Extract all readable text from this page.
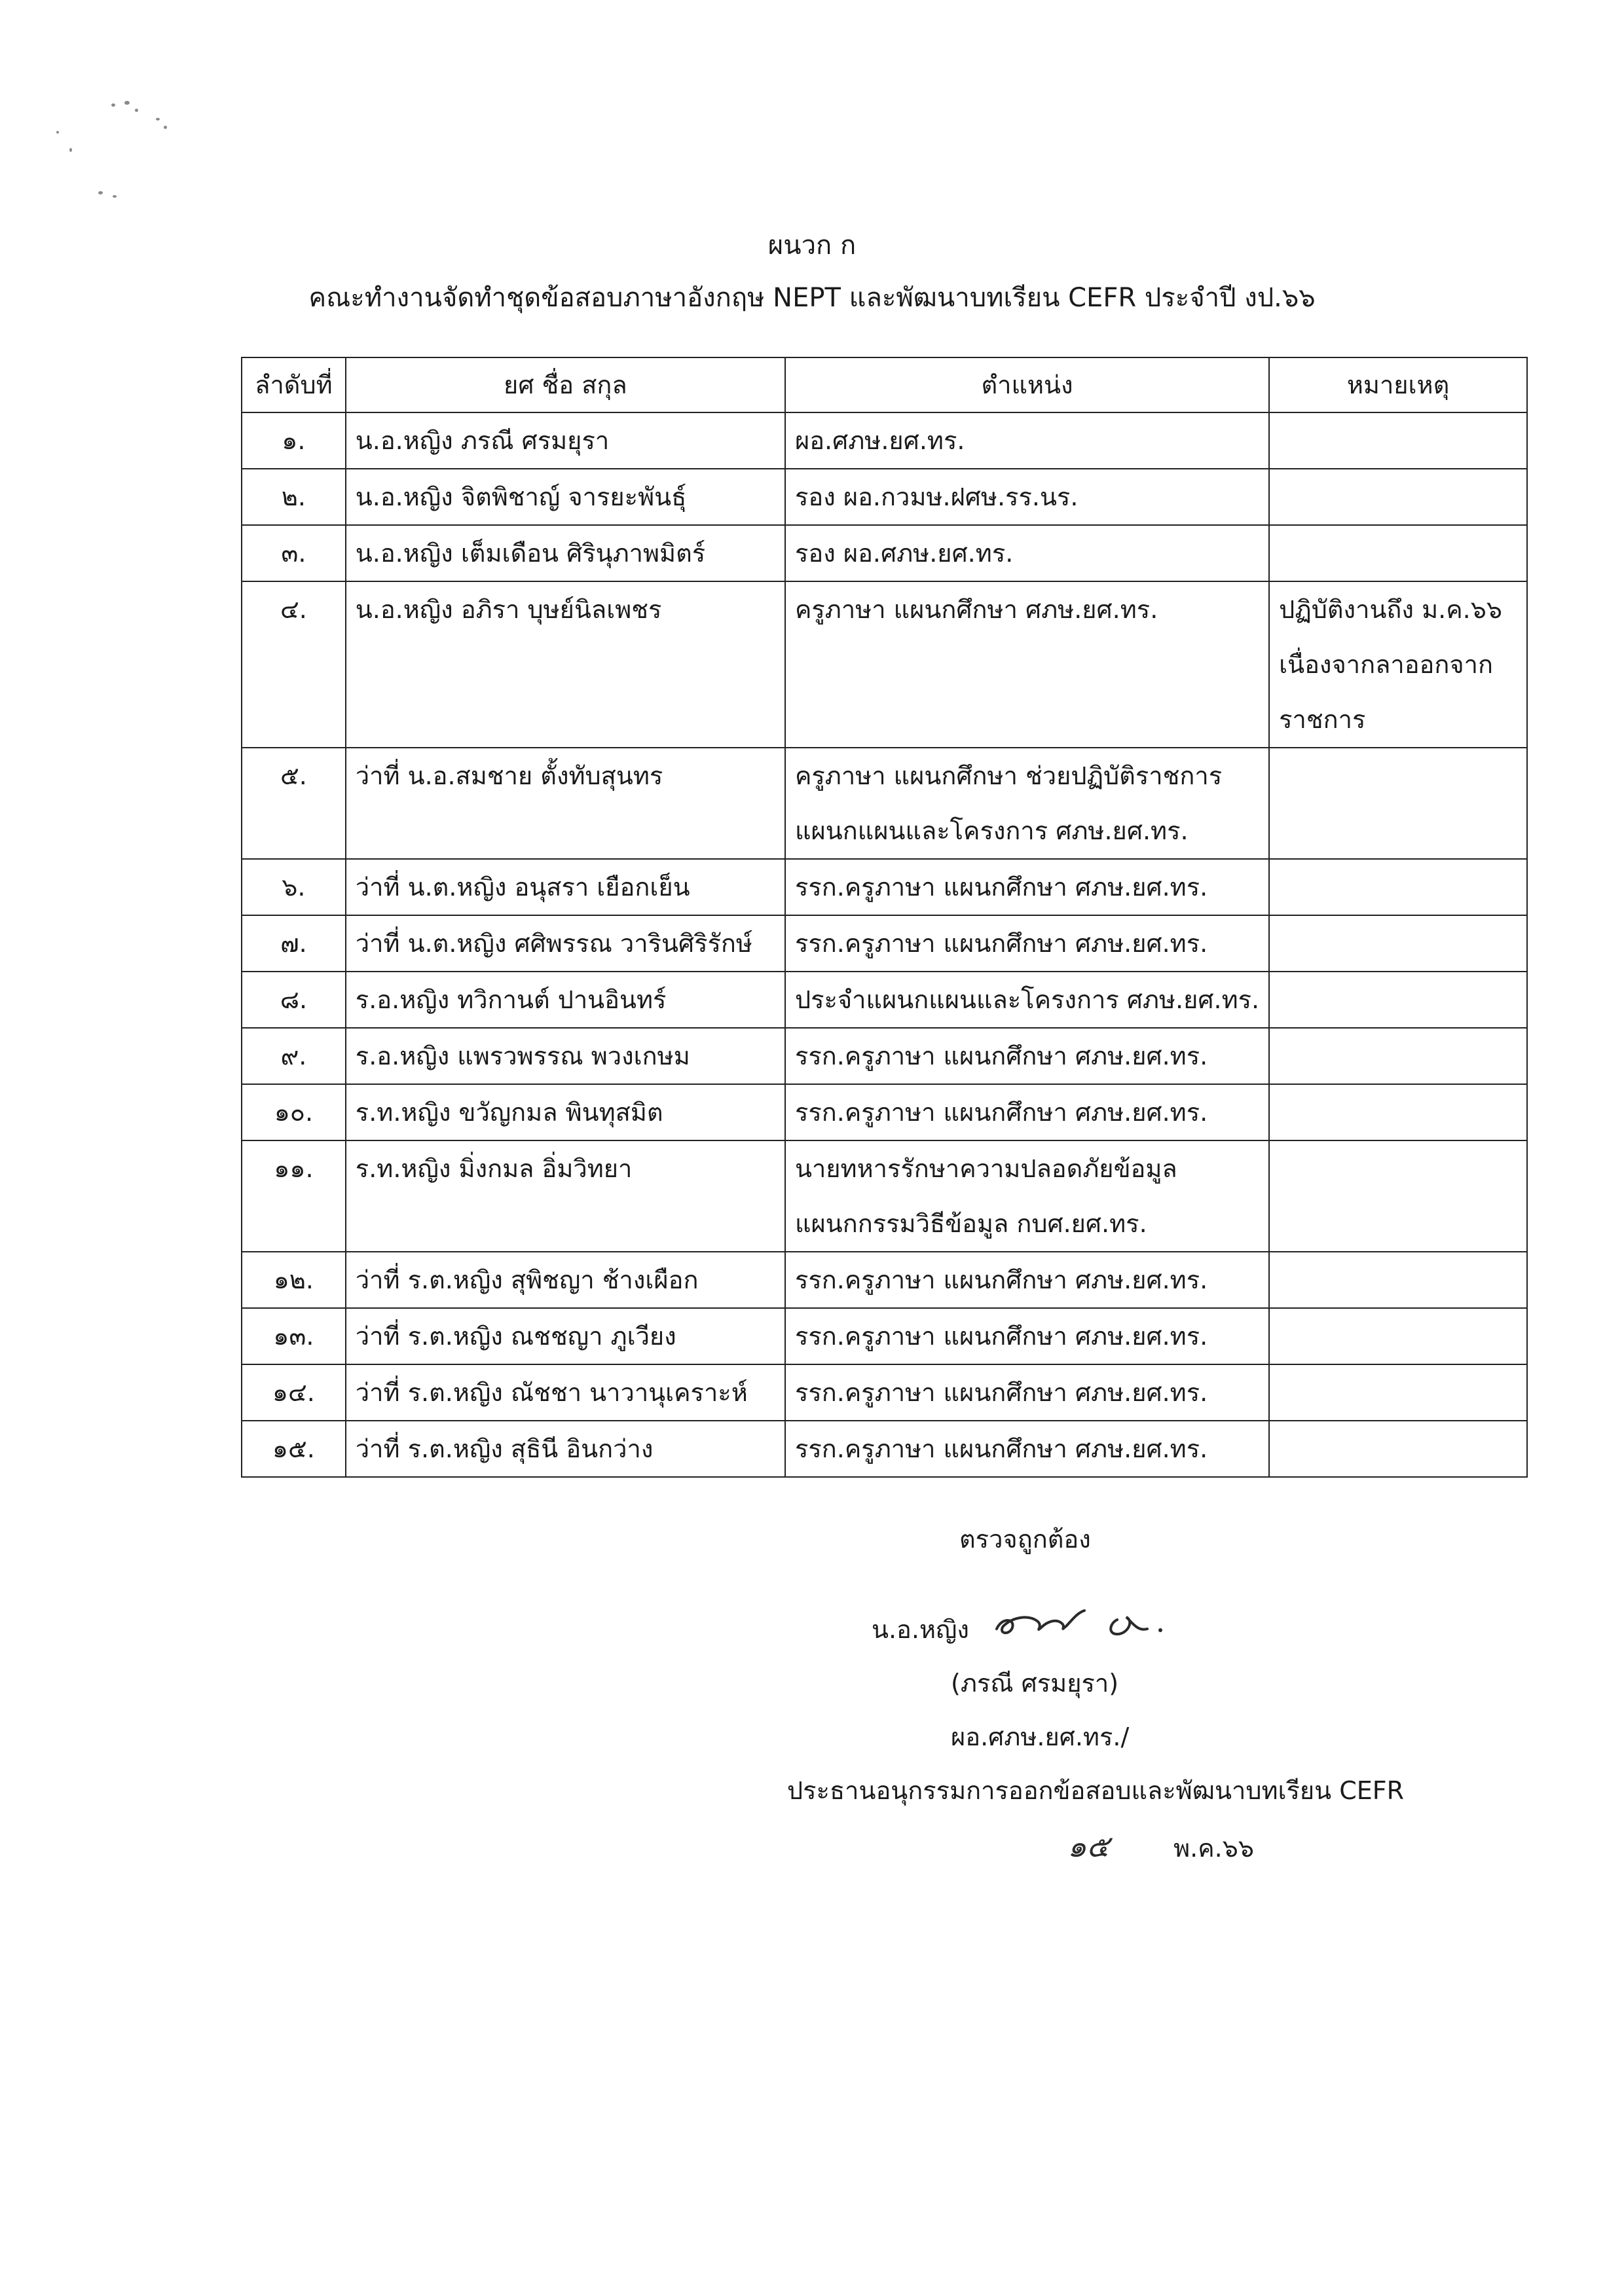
ผนวก ก
คณะทำงานจัดทำชุดข้อสอบภาษาอังกฤษ NEPT และพัฒนาบทเรียน CEFR ประจำปี งป.๖๖
ลำดับที่	ยศ ชื่อ สกุล	ตำแหน่ง	หมายเหตุ
๑.	น.อ.หญิง ภรณี ศรมยุรา	ผอ.ศภษ.ยศ.ทร.	

๒.	น.อ.หญิง จิตพิชาญ์ จารยะพันธุ์	รอง ผอ.กวมษ.ฝศษ.รร.นร.	

๓.	น.อ.หญิง เต็มเดือน ศิรินุภาพมิตร์	รอง ผอ.ศภษ.ยศ.ทร.	

๔.	น.อ.หญิง อภิรา บุษย์นิลเพชร	ครูภาษา แผนกศึกษา ศภษ.ยศ.ทร.	ปฏิบัติงานถึง ม.ค.๖๖
เนื่องจากลาออกจาก
ราชการ

๕.	ว่าที่ น.อ.สมชาย ตั้งทับสุนทร	ครูภาษา แผนกศึกษา ช่วยปฏิบัติราชการ
แผนกแผนและโครงการ ศภษ.ยศ.ทร.	

๖.	ว่าที่ น.ต.หญิง อนุสรา เยือกเย็น	รรก.ครูภาษา แผนกศึกษา ศภษ.ยศ.ทร.	

๗.	ว่าที่ น.ต.หญิง ศศิพรรณ วารินศิริรักษ์	รรก.ครูภาษา แผนกศึกษา ศภษ.ยศ.ทร.	

๘.	ร.อ.หญิง ทวิกานต์ ปานอินทร์	ประจำแผนกแผนและโครงการ ศภษ.ยศ.ทร.	

๙.	ร.อ.หญิง แพรวพรรณ พวงเกษม	รรก.ครูภาษา แผนกศึกษา ศภษ.ยศ.ทร.	

๑๐.	ร.ท.หญิง ขวัญกมล พินทุสมิต	รรก.ครูภาษา แผนกศึกษา ศภษ.ยศ.ทร.	

๑๑.	ร.ท.หญิง มิ่งกมล อิ่มวิทยา	นายทหารรักษาความปลอดภัยข้อมูล
แผนกกรรมวิธีข้อมูล กบศ.ยศ.ทร.	

๑๒.	ว่าที่ ร.ต.หญิง สุพิชญา ช้างเผือก	รรก.ครูภาษา แผนกศึกษา ศภษ.ยศ.ทร.	

๑๓.	ว่าที่ ร.ต.หญิง ณชชญา ภูเวียง	รรก.ครูภาษา แผนกศึกษา ศภษ.ยศ.ทร.	

๑๔.	ว่าที่ ร.ต.หญิง ณัชชา นาวานุเคราะห์	รรก.ครูภาษา แผนกศึกษา ศภษ.ยศ.ทร.	

๑๕.	ว่าที่ ร.ต.หญิง สุธินี อินกว่าง	รรก.ครูภาษา แผนกศึกษา ศภษ.ยศ.ทร.	

ตรวจถูกต้อง
น.อ.หญิง
(ภรณี ศรมยุรา)
ผอ.ศภษ.ยศ.ทร./
ประธานอนุกรรมการออกข้อสอบและพัฒนาบทเรียน CEFR
๑๕	พ.ค.๖๖
